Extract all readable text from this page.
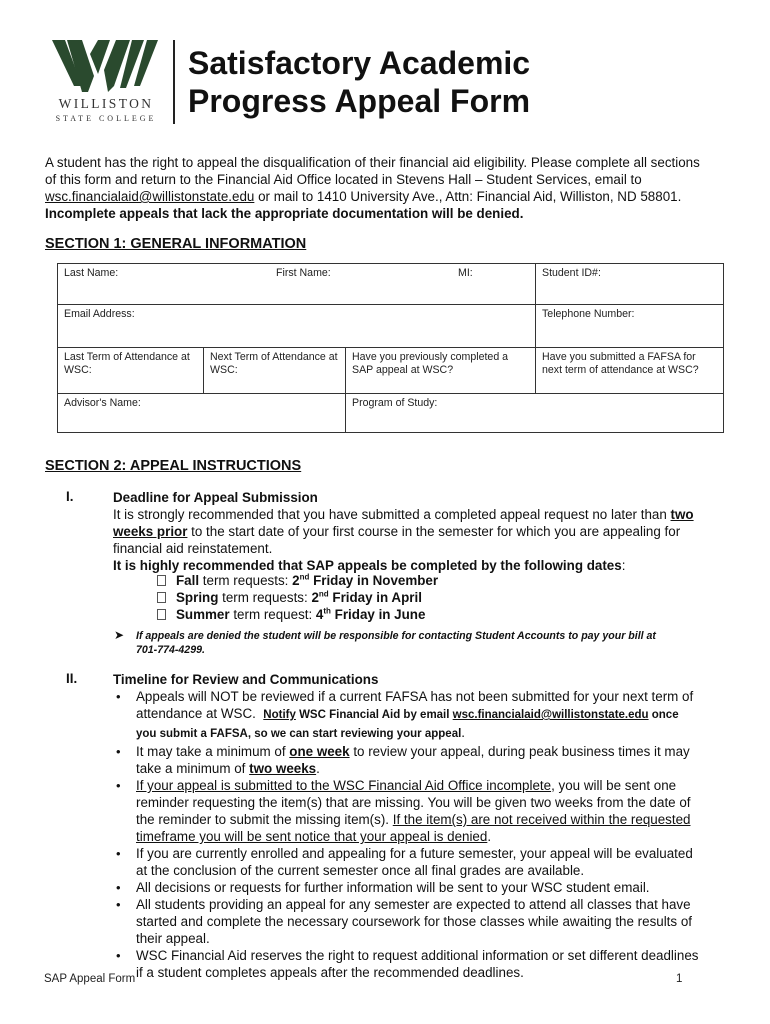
WILLISTON
STATE COLLEGE
Satisfactory Academic
Progress Appeal Form
A student has the right to appeal the disqualification of their financial aid eligibility. Please complete all sections
of this form and return to the Financial Aid Office located in Stevens Hall – Student Services, email to
wsc.financialaid@willistonstate.edu or mail to 1410 University Ave., Attn: Financial Aid, Williston, ND 58801.
Incomplete appeals that lack the appropriate documentation will be denied.
SECTION 1: GENERAL INFORMATION
Last Name: First Name: MI:			Student ID#:
Email Address:			Telephone Number:
Last Term of Attendance at WSC:	Next Term of Attendance at WSC:	Have you previously completed a SAP appeal at WSC?	Have you submitted a FAFSA for next term of attendance at WSC?
Advisor's Name:		Program of Study:	
SECTION 2: APPEAL INSTRUCTIONS
I.	Deadline for Appeal Submission
It is strongly recommended that you have submitted a completed appeal request no later than two
weeks prior to the start date of your first course in the semester for which you are appealing for
financial aid reinstatement.
It is highly recommended that SAP appeals be completed by the following dates:
Fall term requests: 2nd Friday in November
Spring term requests: 2nd Friday in April
Summer term request: 4th Friday in June
➤ If appeals are denied the student will be responsible for contacting Student Accounts to pay your bill at
701-774-4299.
II.	Timeline for Review and Communications
• Appeals will NOT be reviewed if a current FAFSA has not been submitted for your next term of
attendance at WSC.  Notify WSC Financial Aid by email wsc.financialaid@willistonstate.edu once
you submit a FAFSA, so we can start reviewing your appeal.
• It may take a minimum of one week to review your appeal, during peak business times it may
take a minimum of two weeks.
• If your appeal is submitted to the WSC Financial Aid Office incomplete, you will be sent one
reminder requesting the item(s) that are missing. You will be given two weeks from the date of
the reminder to submit the missing item(s). If the item(s) are not received within the requested
timeframe you will be sent notice that your appeal is denied.
• If you are currently enrolled and appealing for a future semester, your appeal will be evaluated
at the conclusion of the current semester once all final grades are available.
• All decisions or requests for further information will be sent to your WSC student email.
• All students providing an appeal for any semester are expected to attend all classes that have
started and complete the necessary coursework for those classes while awaiting the results of
their appeal.
• WSC Financial Aid reserves the right to request additional information or set different deadlines
if a student completes appeals after the recommended deadlines.
SAP Appeal Form	1
